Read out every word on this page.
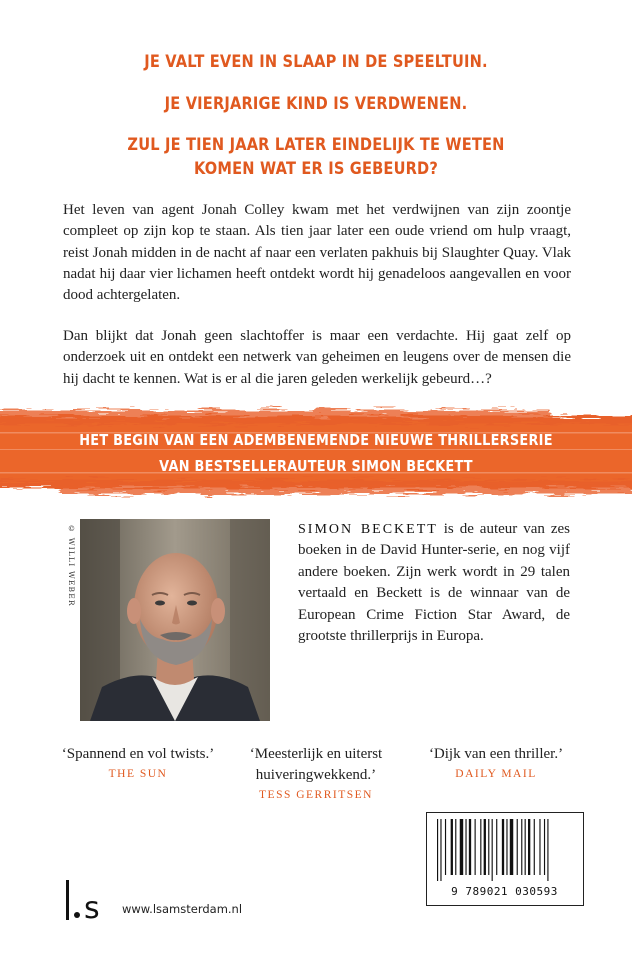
JE VALT EVEN IN SLAAP IN DE SPEELTUIN.
JE VIERJARIGE KIND IS VERDWENEN.
ZUL JE TIEN JAAR LATER EINDELIJK TE WETEN
KOMEN WAT ER IS GEBEURD?

Het leven van agent Jonah Colley kwam met het verdwijnen van zijn zoontje compleet op zijn kop te staan. Als tien jaar later een oude vriend om hulp vraagt, reist Jonah midden in de nacht af naar een verlaten pakhuis bij Slaughter Quay. Vlak nadat hij daar vier lichamen heeft ontdekt wordt hij genadeloos aangevallen en voor dood achtergelaten.

Dan blijkt dat Jonah geen slachtoffer is maar een verdachte. Hij gaat zelf op onderzoek uit en ontdekt een netwerk van geheimen en leugens over de mensen die hij dacht te kennen. Wat is er al die jaren geleden werkelijk gebeurd…?

HET BEGIN VAN EEN ADEMBENEMENDE NIEUWE THRILLERSERIE
VAN BESTSELLERAUTEUR SIMON BECKETT
© WILLI WEBER	SIMON BECKETT is de auteur van zes boeken in de David Hunter-serie, en nog vijf andere boeken. Zijn werk wordt in 29 talen vertaald en Beckett is de winnaar van de European Crime Fiction Star Award, de grootste thrillerprijs in Europa.

‘Spannend en vol twists.’
THE SUN
‘Meesterlijk en uiterst huiveringwekkend.’
TESS GERRITSEN
‘Dijk van een thriller.’
DAILY MAIL
9 789021 030593
s www.lsamsterdam.nl
